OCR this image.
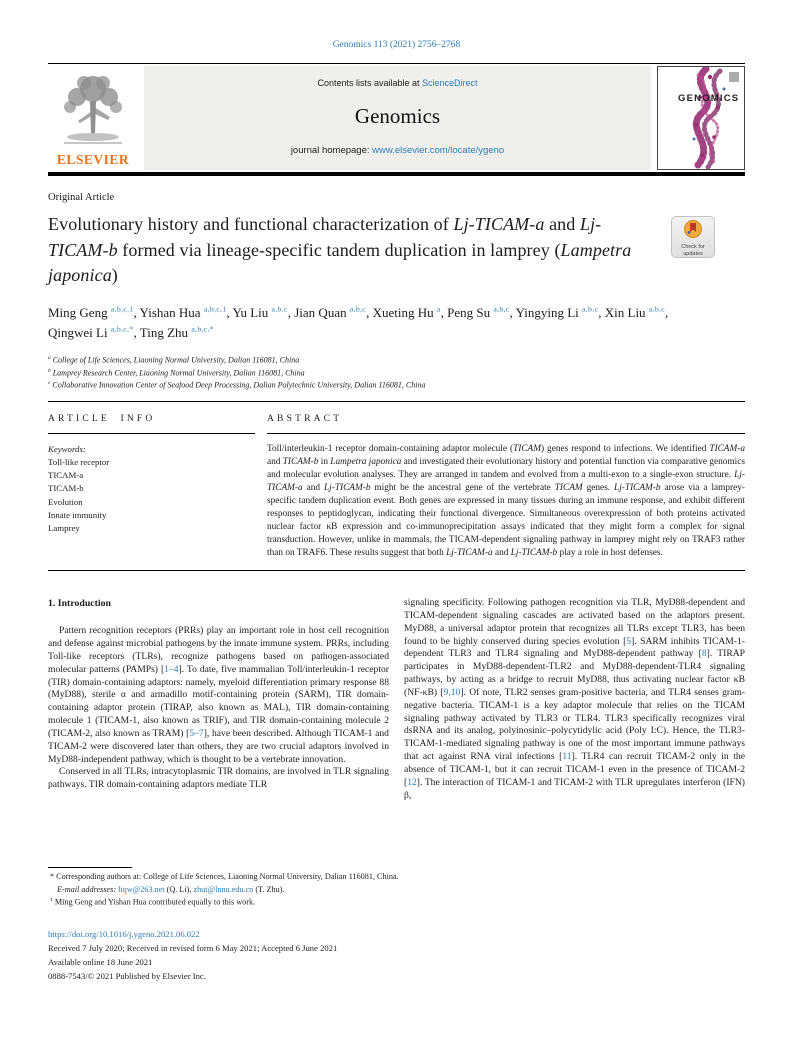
Genomics 113 (2021) 2756–2768
ELSEVIER
Contents lists available at ScienceDirect
Genomics
journal homepage: www.elsevier.com/locate/ygeno
GENOMICS
Original Article
Evolutionary history and functional characterization of Lj-TICAM-a and Lj-TICAM-b formed via lineage-specific tandem duplication in lamprey (Lampetra japonica)
Check for
updates
Ming Geng $^{a,b,c,1}$, Yishan Hua $^{a,b,c,1}$, Yu Liu $^{a,b,c}$, Jian Quan $^{a,b,c}$, Xueting Hu $^a$, Peng Su $^{a,b,c}$, Yingying Li $^{a,b,c}$, Xin Liu $^{a,b,c}$, Qingwei Li $^{a,b,c,*}$, Ting Zhu $^{a,b,c,*}$
$^a$ College of Life Sciences, Liaoning Normal University, Dalian 116081, China
$^b$ Lamprey Research Center, Liaoning Normal University, Dalian 116081, China
$^c$ Collaborative Innovation Center of Seafood Deep Processing, Dalian Polytechnic University, Dalian 116081, China
ARTICLE INFO
Keywords:
Toll-like receptor
TICAM-a
TICAM-b
Evolution
Innate immunity
Lamprey
ABSTRACT

Toll/interleukin-1 receptor domain-containing adaptor molecule (TICAM) genes respond to infections. We identified TICAM-a and TICAM-b in Lampetra japonica and investigated their evolutionary history and potential function via comparative genomics and molecular evolution analyses. They are arranged in tandem and evolved from a multi-exon to a single-exon structure. Lj-TICAM-a and Lj-TICAM-b might be the ancestral gene of the vertebrate TICAM genes. Lj-TICAM-b arose via a lamprey-specific tandem duplication event. Both genes are expressed in many tissues during an immune response, and exhibit different responses to peptidoglycan, indicating their functional divergence. Simultaneous overexpression of both proteins activated nuclear factor κB expression and co-immunoprecipitation assays indicated that they might form a complex for signal transduction. However, unlike in mammals, the TICAM-dependent signaling pathway in lamprey might rely on TRAF3 rather than on TRAF6. These results suggest that both Lj-TICAM-a and Lj-TICAM-b play a role in host defenses.

1. Introduction

Pattern recognition receptors (PRRs) play an important role in host cell recognition and defense against microbial pathogens by the innate immune system. PRRs, including Toll-like receptors (TLRs), recognize pathogens based on pathogen-associated molecular patterns (PAMPs) [1–4]. To date, five mammalian Toll/interleukin-1 receptor (TIR) domain-containing adaptors: namely, myeloid differentiation primary response 88 (MyD88), sterile α and armadillo motif-containing protein (SARM), TIR domain-containing adaptor protein (TIRAP, also known as MAL), TIR domain-containing molecule 1 (TICAM-1, also known as TRIF), and TIR domain-containing molecule 2 (TICAM-2, also known as TRAM) [5–7], have been described. Although TICAM-1 and TICAM-2 were discovered later than others, they are two crucial adaptors involved in MyD88-independent pathway, which is thought to be a vertebrate innovation.

Conserved in all TLRs, intracytoplasmic TIR domains, are involved in TLR signaling pathways. TIR domain-containing adaptors mediate TLR

signaling specificity. Following pathogen recognition via TLR, MyD88-dependent and TICAM-dependent signaling cascades are activated based on the adaptors present. MyD88, a universal adaptor protein that recognizes all TLRs except TLR3, has been found to be highly conserved during species evolution [5]. SARM inhibits TICAM-1-dependent TLR3 and TLR4 signaling and MyD88-dependent pathway [8]. TIRAP participates in MyD88-dependent-TLR2 and MyD88-dependent-TLR4 signaling pathways, by acting as a bridge to recruit MyD88, thus activating nuclear factor κB (NF-κB) [9,10]. Of note, TLR2 senses gram-positive bacteria, and TLR4 senses gram-negative bacteria. TICAM-1 is a key adaptor molecule that relies on the TICAM signaling pathway activated by TLR3 or TLR4. TLR3 specifically recognizes viral dsRNA and its analog, polyinosinic–polycytidylic acid (Poly I:C). Hence, the TLR3-TICAM-1-mediated signaling pathway is one of the most important immune pathways that act against RNA viral infections [11]. TLR4 can recruit TICAM-2 only in the absence of TICAM-1, but it can recruit TICAM-1 even in the presence of TICAM-2 [12]. The interaction of TICAM-1 and TICAM-2 with TLR upregulates interferon (IFN) β,

* Corresponding authors at: College of Life Sciences, Liaoning Normal University, Dalian 116081, China.
E-mail addresses: liqw@263.net (Q. Li), zhut@lnnu.edu.cn (T. Zhu).
$^1$ Ming Geng and Yishan Hua contributed equally to this work.
https://doi.org/10.1016/j.ygeno.2021.06.022
Received 7 July 2020; Received in revised form 6 May 2021; Accepted 6 June 2021
Available online 18 June 2021
0888-7543/© 2021 Published by Elsevier Inc.
